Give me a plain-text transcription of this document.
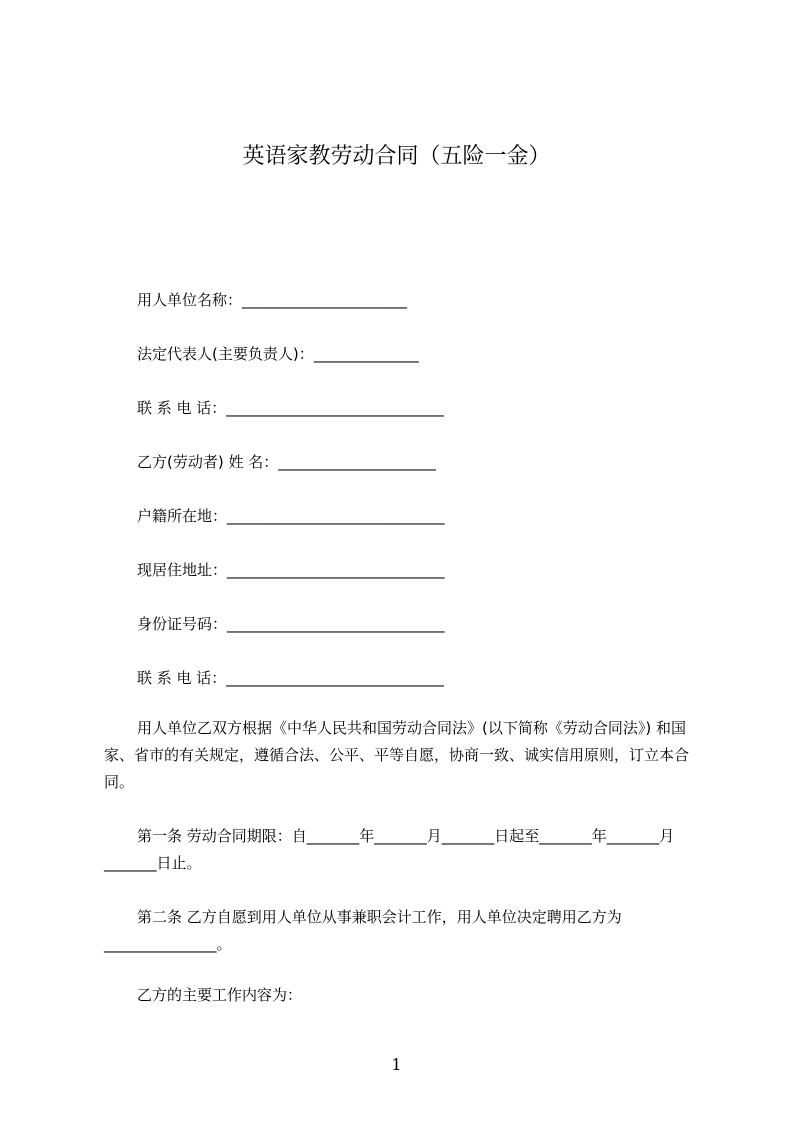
英语家教劳动合同（五险一金）
用人单位名称：______________________
法定代表人(主要负责人)：______________
联 系 电 话：_____________________________
乙方(劳动者) 姓 名：_____________________
户籍所在地：_____________________________
现居住地址：_____________________________
身份证号码：_____________________________
联 系 电 话：_____________________________
用人单位乙双方根据《中华人民共和国劳动合同法》(以下简称《劳动合同法》) 和国家、省市的有关规定，遵循合法、公平、平等自愿，协商一致、诚实信用原则，订立本合同。
第一条 劳动合同期限：自_______年_______月_______日起至_______年_______月_______日止。
第二条 乙方自愿到用人单位从事兼职会计工作，用人单位决定聘用乙方为_______________。
乙方的主要工作内容为：
1
